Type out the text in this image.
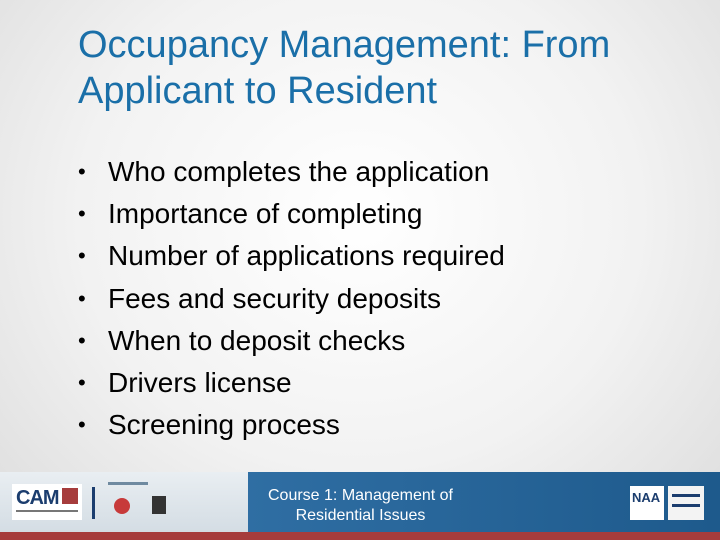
Occupancy Management: From Applicant to Resident
• Who completes the application
• Importance of completing
• Number of applications required
• Fees and security deposits
• When to deposit checks
• Drivers license
• Screening process
CAM	Course 1: Management of
Residential Issues
NAA
